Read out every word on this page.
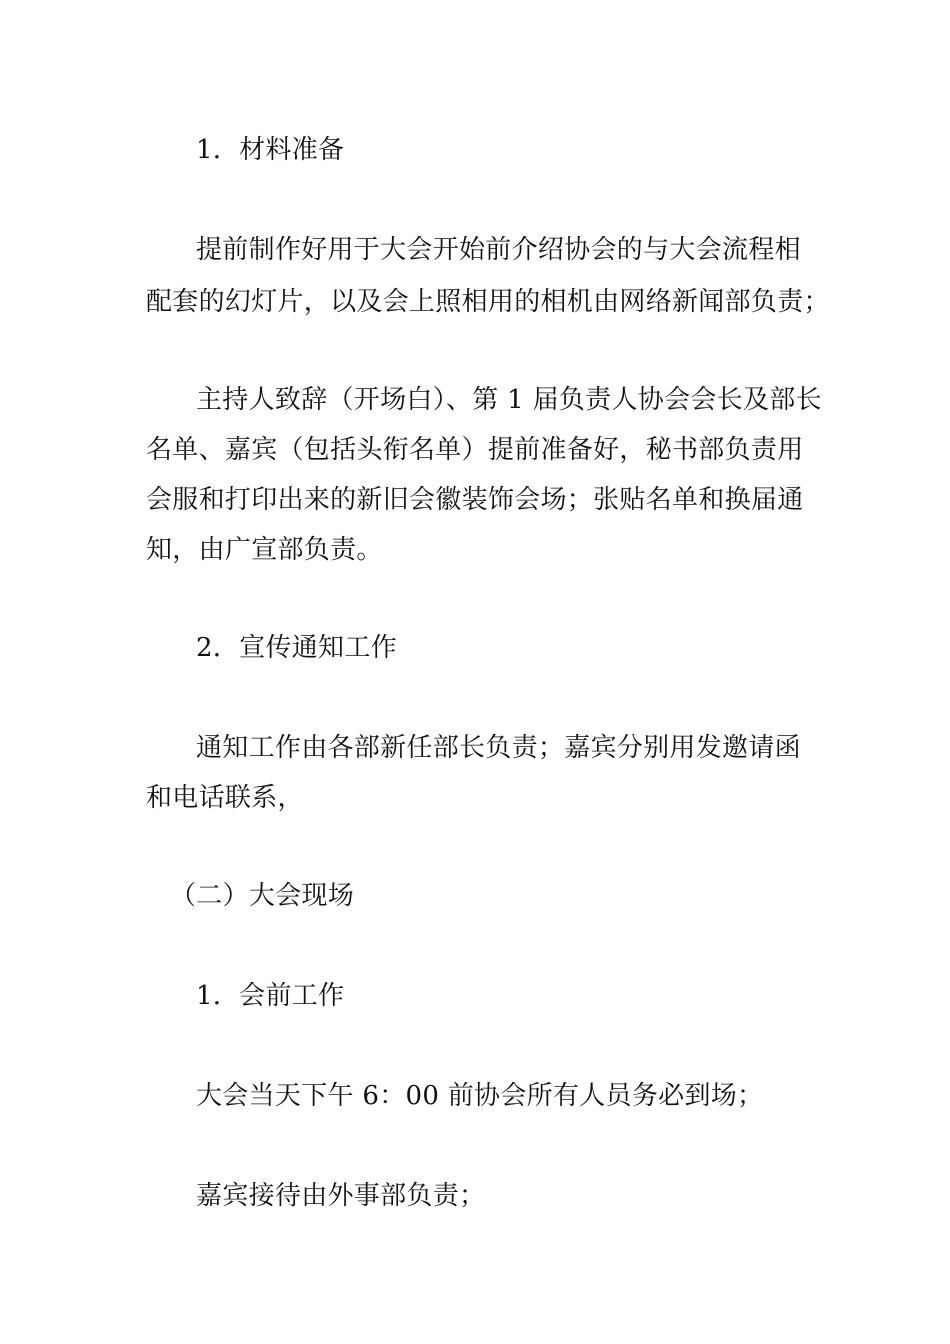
1．材料准备
提前制作好用于大会开始前介绍协会的与大会流程相
配套的幻灯片，以及会上照相用的相机由网络新闻部负责；
主持人致辞（开场白）、第 1 届负责人协会会长及部长
名单、嘉宾（包括头衔名单）提前准备好，秘书部负责用
会服和打印出来的新旧会徽装饰会场；张贴名单和换届通
知，由广宣部负责。
2．宣传通知工作
通知工作由各部新任部长负责；嘉宾分别用发邀请函
和电话联系，
（二）大会现场
1．会前工作
大会当天下午 6：00 前协会所有人员务必到场；
嘉宾接待由外事部负责；
